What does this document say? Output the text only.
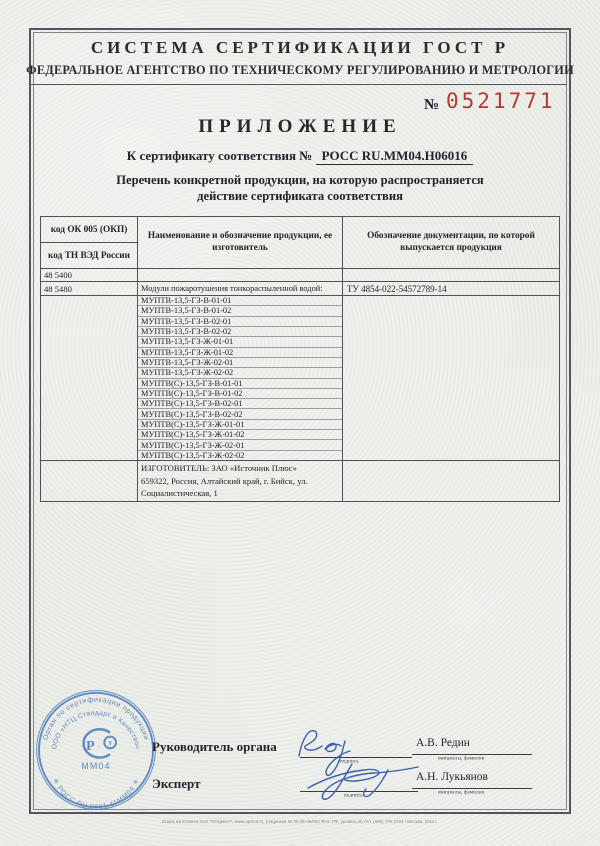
СИСТЕМА СЕРТИФИКАЦИИ ГОСТ Р
ФЕДЕРАЛЬНОЕ АГЕНТСТВО ПО ТЕХНИЧЕСКОМУ РЕГУЛИРОВАНИЮ И МЕТРОЛОГИИ
№ 0521771
ПРИЛОЖЕНИЕ
К сертификату соответствия № РОСС RU.ММ04.Н06016
Перечень конкретной продукции, на которую распространяется
действие сертификата соответствия
код ОК 005 (ОКП)
код ТН ВЭД России
Наименование и обозначение продукции, ее изготовитель
Обозначение документации, по которой выпускается продукция
48 5400
48 5480	Модули пожаротушения тонкораспыленной водой:	ТУ 4854-022-54572789-14
МУПТВ-13,5-ГЗ-В-01-01
МУПТВ-13,5-ГЗ-В-01-02
МУПТВ-13,5-ГЗ-В-02-01
МУПТВ-13,5-ГЗ-В-02-02
МУПТВ-13,5-ГЗ-Ж-01-01
МУПТВ-13,5-ГЗ-Ж-01-02
МУПТВ-13,5-ГЗ-Ж-02-01
МУПТВ-13,5-ГЗ-Ж-02-02
МУПТВ(С)-13,5-ГЗ-В-01-01
МУПТВ(С)-13,5-ГЗ-В-01-02
МУПТВ(С)-13,5-ГЗ-В-02-01
МУПТВ(С)-13,5-ГЗ-В-02-02
МУПТВ(С)-13,5-ГЗ-Ж-01-01
МУПТВ(С)-13,5-ГЗ-Ж-01-02
МУПТВ(С)-13,5-ГЗ-Ж-02-01
МУПТВ(С)-13,5-ГЗ-Ж-02-02
ИЗГОТОВИТЕЛЬ: ЗАО «Источник Плюс»
659322, Россия, Алтайский край, г. Бийск, ул.
Социалистическая, 1
Орган по сертификации продукции
ООО «НТЦ Стандарт и Качество»
✳ РОСС RU.0001.11ММ04 ✳
Р т
ММ04
Руководитель органа
Эксперт
подпись
подпись
А.В. Редин
инициалы, фамилия
А.Н. Лукьянов
инициалы, фамилия
Бланк изготовлен ЗАО "ОПЦИОН", www.opcion.ru, (лицензия № 05-05-09/003 ФНС РФ, уровень В) тел. (495) 726-4742 • Москва, 2011 г.
